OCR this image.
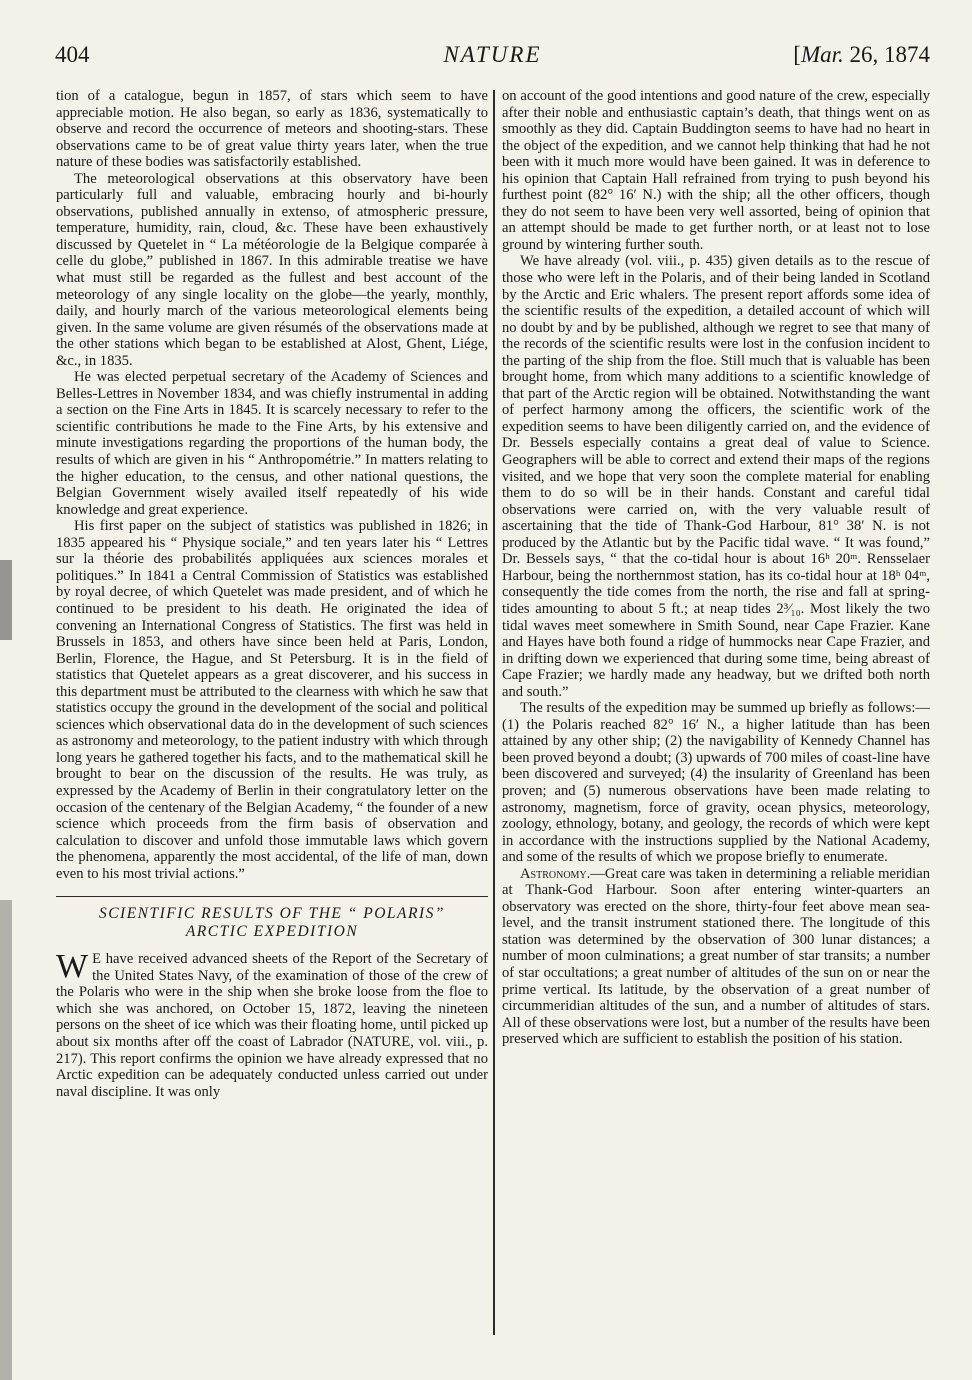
404	NATURE	[Mar. 26, 1874

tion of a catalogue, begun in 1857, of stars which seem to have appreciable motion. He also began, so early as 1836, systematically to observe and record the occurrence of meteors and shooting-stars. These observations came to be of great value thirty years later, when the true nature of these bodies was satisfactorily established.

The meteorological observations at this observatory have been particularly full and valuable, embracing hourly and bi-hourly observations, published annually in extenso, of atmospheric pressure, temperature, humidity, rain, cloud, &c. These have been exhaustively discussed by Quetelet in “ La météorologie de la Belgique comparée à celle du globe,” published in 1867. In this admirable treatise we have what must still be regarded as the fullest and best account of the meteorology of any single locality on the globe—the yearly, monthly, daily, and hourly march of the various meteorological elements being given. In the same volume are given résumés of the observations made at the other stations which began to be established at Alost, Ghent, Liége, &c., in 1835.

He was elected perpetual secretary of the Academy of Sciences and Belles-Lettres in November 1834, and was chiefly instrumental in adding a section on the Fine Arts in 1845. It is scarcely necessary to refer to the scientific contributions he made to the Fine Arts, by his extensive and minute investigations regarding the proportions of the human body, the results of which are given in his “ Anthropométrie.” In matters relating to the higher education, to the census, and other national questions, the Belgian Government wisely availed itself repeatedly of his wide knowledge and great experience.

His first paper on the subject of statistics was published in 1826; in 1835 appeared his “ Physique sociale,” and ten years later his “ Lettres sur la théorie des probabilités appliquées aux sciences morales et politiques.” In 1841 a Central Commission of Statistics was established by royal decree, of which Quetelet was made president, and of which he continued to be president to his death. He originated the idea of convening an International Congress of Statistics. The first was held in Brussels in 1853, and others have since been held at Paris, London, Berlin, Florence, the Hague, and St Petersburg. It is in the field of statistics that Quetelet appears as a great discoverer, and his success in this department must be attributed to the clearness with which he saw that statistics occupy the ground in the development of the social and political sciences which observational data do in the development of such sciences as astronomy and meteorology, to the patient industry with which through long years he gathered together his facts, and to the mathematical skill he brought to bear on the discussion of the results. He was truly, as expressed by the Academy of Berlin in their congratulatory letter on the occasion of the centenary of the Belgian Academy, “ the founder of a new science which proceeds from the firm basis of observation and calculation to discover and unfold those immutable laws which govern the phenomena, apparently the most accidental, of the life of man, down even to his most trivial actions.”

SCIENTIFIC RESULTS OF THE “ POLARIS”
ARCTIC EXPEDITION

W E have received advanced sheets of the Report of the Secretary of the United States Navy, of the examination of those of the crew of the Polaris who were in the ship when she broke loose from the floe to which she was anchored, on October 15, 1872, leaving the nineteen persons on the sheet of ice which was their floating home, until picked up about six months after off the coast of Labrador (NATURE, vol. viii., p. 217). This report confirms the opinion we have already expressed that no Arctic expedition can be adequately conducted unless carried out under naval discipline. It was only

on account of the good intentions and good nature of the crew, especially after their noble and enthusiastic captain’s death, that things went on as smoothly as they did. Captain Buddington seems to have had no heart in the object of the expedition, and we cannot help thinking that had he not been with it much more would have been gained. It was in deference to his opinion that Captain Hall refrained from trying to push beyond his furthest point (82° 16′ N.) with the ship; all the other officers, though they do not seem to have been very well assorted, being of opinion that an attempt should be made to get further north, or at least not to lose ground by wintering further south.

We have already (vol. viii., p. 435) given details as to the rescue of those who were left in the Polaris, and of their being landed in Scotland by the Arctic and Eric whalers. The present report affords some idea of the scientific results of the expedition, a detailed account of which will no doubt by and by be published, although we regret to see that many of the records of the scientific results were lost in the confusion incident to the parting of the ship from the floe. Still much that is valuable has been brought home, from which many additions to a scientific knowledge of that part of the Arctic region will be obtained. Notwithstanding the want of perfect harmony among the officers, the scientific work of the expedition seems to have been diligently carried on, and the evidence of Dr. Bessels especially contains a great deal of value to Science. Geographers will be able to correct and extend their maps of the regions visited, and we hope that very soon the complete material for enabling them to do so will be in their hands. Constant and careful tidal observations were carried on, with the very valuable result of ascertaining that the tide of Thank-God Harbour, 81° 38′ N. is not produced by the Atlantic but by the Pacific tidal wave. “ It was found,” Dr. Bessels says, “ that the co-tidal hour is about 16ʰ 20ᵐ. Rensselaer Harbour, being the northernmost station, has its co-tidal hour at 18ʰ 04ᵐ, consequently the tide comes from the north, the rise and fall at spring-tides amounting to about 5 ft.; at neap tides 2³⁄₁₀. Most likely the two tidal waves meet somewhere in Smith Sound, near Cape Frazier. Kane and Hayes have both found a ridge of hummocks near Cape Frazier, and in drifting down we experienced that during some time, being abreast of Cape Frazier; we hardly made any headway, but we drifted both north and south.”

The results of the expedition may be summed up briefly as follows:—(1) the Polaris reached 82° 16′ N., a higher latitude than has been attained by any other ship; (2) the navigability of Kennedy Channel has been proved beyond a doubt; (3) upwards of 700 miles of coast-line have been discovered and surveyed; (4) the insularity of Greenland has been proven; and (5) numerous observations have been made relating to astronomy, magnetism, force of gravity, ocean physics, meteorology, zoology, ethnology, botany, and geology, the records of which were kept in accordance with the instructions supplied by the National Academy, and some of the results of which we propose briefly to enumerate.

Astronomy.—Great care was taken in determining a reliable meridian at Thank-God Harbour. Soon after entering winter-quarters an observatory was erected on the shore, thirty-four feet above mean sea-level, and the transit instrument stationed there. The longitude of this station was determined by the observation of 300 lunar distances; a number of moon culminations; a great number of star transits; a number of star occultations; a great number of altitudes of the sun on or near the prime vertical. Its latitude, by the observation of a great number of circummeridian altitudes of the sun, and a number of altitudes of stars. All of these observations were lost, but a number of the results have been preserved which are sufficient to establish the position of his station.
